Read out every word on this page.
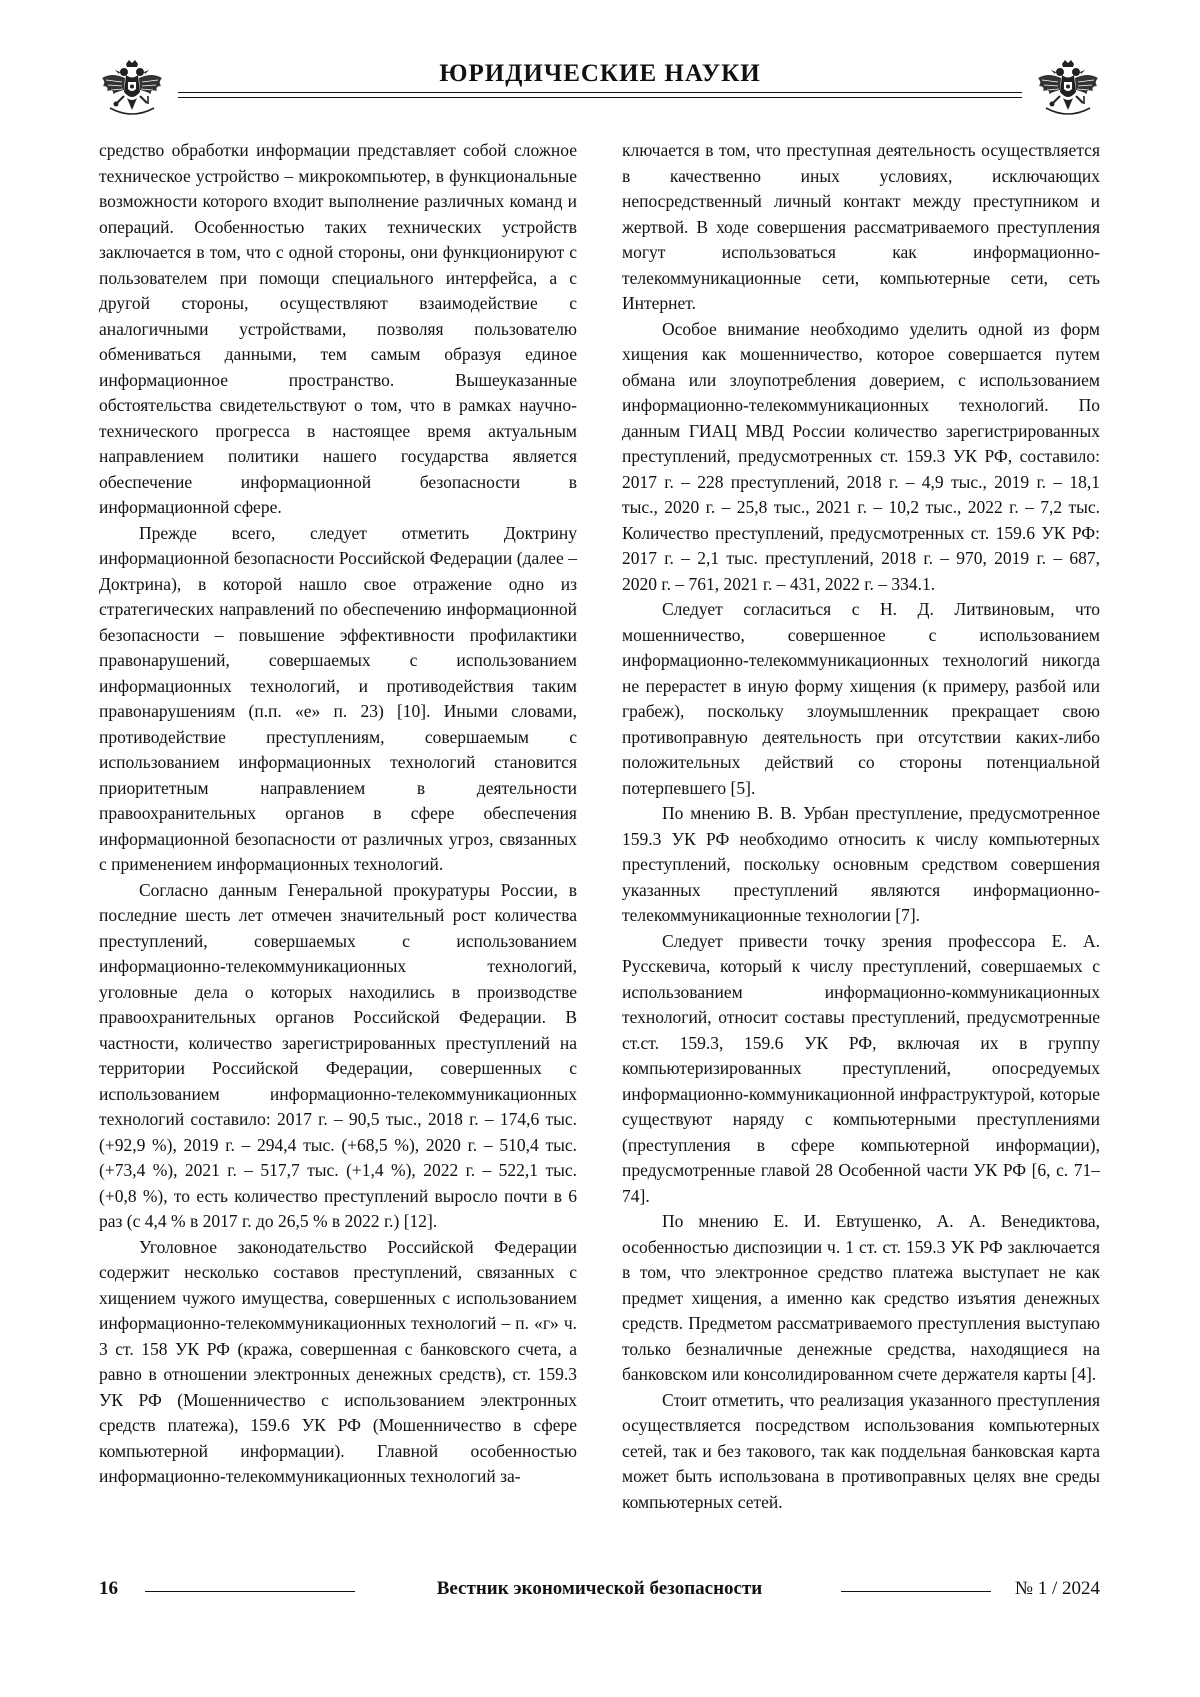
ЮРИДИЧЕСКИЕ НАУКИ

средство обработки информации представляет собой сложное техническое устройство – микрокомпьютер, в функциональные возможности которого входит выполнение различных команд и операций. Особенностью таких технических устройств заключается в том, что с одной стороны, они функционируют с пользователем при помощи специального интерфейса, а с другой стороны, осуществляют взаимодействие с аналогичными устройствами, позволяя пользователю обмениваться данными, тем самым образуя единое информационное пространство. Вышеуказанные обстоятельства свидетельствуют о том, что в рамках научно-технического прогресса в настоящее время актуальным направлением политики нашего государства является обеспечение информационной безопасности в информационной сфере.

Прежде всего, следует отметить Доктрину информационной безопасности Российской Федерации (далее – Доктрина), в которой нашло свое отражение одно из стратегических направлений по обеспечению информационной безопасности – повышение эффективности профилактики правонарушений, совершаемых с использованием информационных технологий, и противодействия таким правонарушениям (п.п. «е» п. 23) [10]. Иными словами, противодействие преступлениям, совершаемым с использованием информационных технологий становится приоритетным направлением в деятельности правоохранительных органов в сфере обеспечения информационной безопасности от различных угроз, связанных с применением информационных технологий.

Согласно данным Генеральной прокуратуры России, в последние шесть лет отмечен значительный рост количества преступлений, совершаемых с использованием информационно-телекоммуникационных технологий, уголовные дела о которых находились в производстве правоохранительных органов Российской Федерации. В частности, количество зарегистрированных преступлений на территории Российской Федерации, совершенных с использованием информационно-телекоммуникационных технологий составило: 2017 г. – 90,5 тыс., 2018 г. – 174,6 тыс. (+92,9 %), 2019 г. – 294,4 тыс. (+68,5 %), 2020 г. – 510,4 тыс. (+73,4 %), 2021 г. – 517,7 тыс. (+1,4 %), 2022 г. – 522,1 тыс. (+0,8 %), то есть количество преступлений выросло почти в 6 раз (с 4,4 % в 2017 г. до 26,5 % в 2022 г.) [12].

Уголовное законодательство Российской Федерации содержит несколько составов преступлений, связанных с хищением чужого имущества, совершенных с использованием информационно-телекоммуникационных технологий – п. «г» ч. 3 ст. 158 УК РФ (кража, совершенная с банковского счета, а равно в отношении электронных денежных средств), ст. 159.3 УК РФ (Мошенничество с использованием электронных средств платежа), 159.6 УК РФ (Мошенничество в сфере компьютерной информации). Главной особенностью информационно-телекоммуникационных технологий за-

ключается в том, что преступная деятельность осуществляется в качественно иных условиях, исключающих непосредственный личный контакт между преступником и жертвой. В ходе совершения рассматриваемого преступления могут использоваться как информационно-телекоммуникационные сети, компьютерные сети, сеть Интернет.

Особое внимание необходимо уделить одной из форм хищения как мошенничество, которое совершается путем обмана или злоупотребления доверием, с использованием информационно-телекоммуникационных технологий. По данным ГИАЦ МВД России количество зарегистрированных преступлений, предусмотренных ст. 159.3 УК РФ, составило: 2017 г. – 228 преступлений, 2018 г. – 4,9 тыс., 2019 г. – 18,1 тыс., 2020 г. – 25,8 тыс., 2021 г. – 10,2 тыс., 2022 г. – 7,2 тыс. Количество преступлений, предусмотренных ст. 159.6 УК РФ: 2017 г. – 2,1 тыс. преступлений, 2018 г. – 970, 2019 г. – 687, 2020 г. – 761, 2021 г. – 431, 2022 г. – 334.1.

Следует согласиться с Н. Д. Литвиновым, что мошенничество, совершенное с использованием информационно-телекоммуникационных технологий никогда не перерастет в иную форму хищения (к примеру, разбой или грабеж), поскольку злоумышленник прекращает свою противоправную деятельность при отсутствии каких-либо положительных действий со стороны потенциальной потерпевшего [5].

По мнению В. В. Урбан преступление, предусмотренное 159.3 УК РФ необходимо относить к числу компьютерных преступлений, поскольку основным средством совершения указанных преступлений являются информационно-телекоммуникационные технологии [7].

Следует привести точку зрения профессора Е. А. Русскевича, который к числу преступлений, совершаемых с использованием информационно-коммуникационных технологий, относит составы преступлений, предусмотренные ст.ст. 159.3, 159.6 УК РФ, включая их в группу компьютеризированных преступлений, опосредуемых информационно-коммуникационной инфраструктурой, которые существуют наряду с компьютерными преступлениями (преступления в сфере компьютерной информации), предусмотренные главой 28 Особенной части УК РФ [6, с. 71–74].

По мнению Е. И. Евтушенко, А. А. Венедиктова, особенностью диспозиции ч. 1 ст. ст. 159.3 УК РФ заключается в том, что электронное средство платежа выступает не как предмет хищения, а именно как средство изъятия денежных средств. Предметом рассматриваемого преступления выступаю только безналичные денежные средства, находящиеся на банковском или консолидированном счете держателя карты [4].

Стоит отметить, что реализация указанного преступления осуществляется посредством использования компьютерных сетей, так и без такового, так как поддельная банковская карта может быть использована в противоправных целях вне среды компьютерных сетей.

16	Вестник экономической безопасности	№ 1 / 2024
